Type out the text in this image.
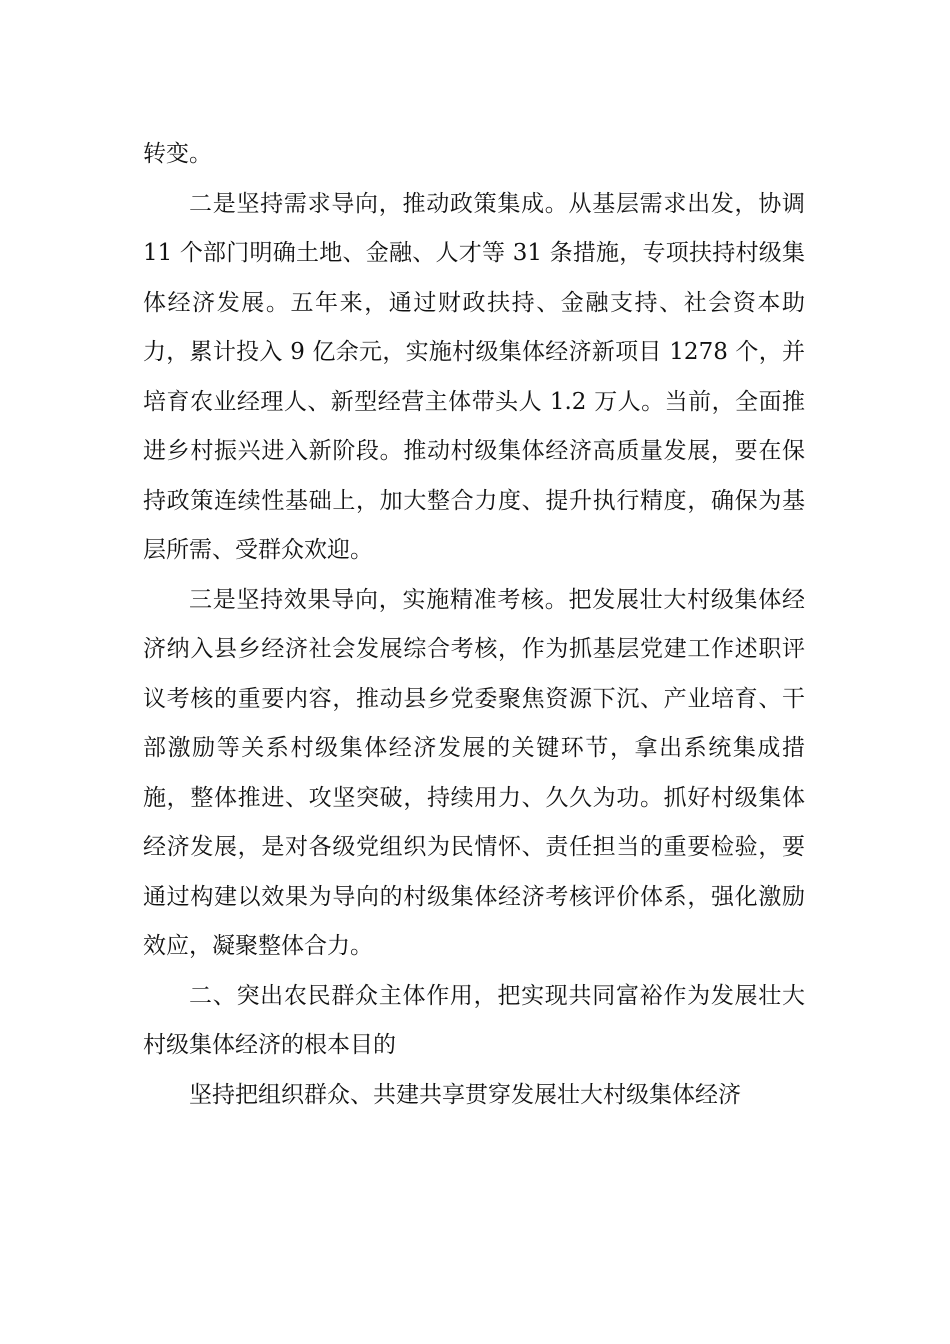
转变。

二是坚持需求导向，推动政策集成。从基层需求出发，协调 11 个部门明确土地、金融、人才等 31 条措施，专项扶持村级集体经济发展。五年来，通过财政扶持、金融支持、社会资本助力，累计投入 9 亿余元，实施村级集体经济新项目 1278 个，并培育农业经理人、新型经营主体带头人 1.2 万人。当前，全面推进乡村振兴进入新阶段。推动村级集体经济高质量发展，要在保持政策连续性基础上，加大整合力度、提升执行精度，确保为基层所需、受群众欢迎。

三是坚持效果导向，实施精准考核。把发展壮大村级集体经济纳入县乡经济社会发展综合考核，作为抓基层党建工作述职评议考核的重要内容，推动县乡党委聚焦资源下沉、产业培育、干部激励等关系村级集体经济发展的关键环节，拿出系统集成措施，整体推进、攻坚突破，持续用力、久久为功。抓好村级集体经济发展，是对各级党组织为民情怀、责任担当的重要检验，要通过构建以效果为导向的村级集体经济考核评价体系，强化激励效应，凝聚整体合力。

二、突出农民群众主体作用，把实现共同富裕作为发展壮大村级集体经济的根本目的

坚持把组织群众、共建共享贯穿发展壮大村级集体经济
